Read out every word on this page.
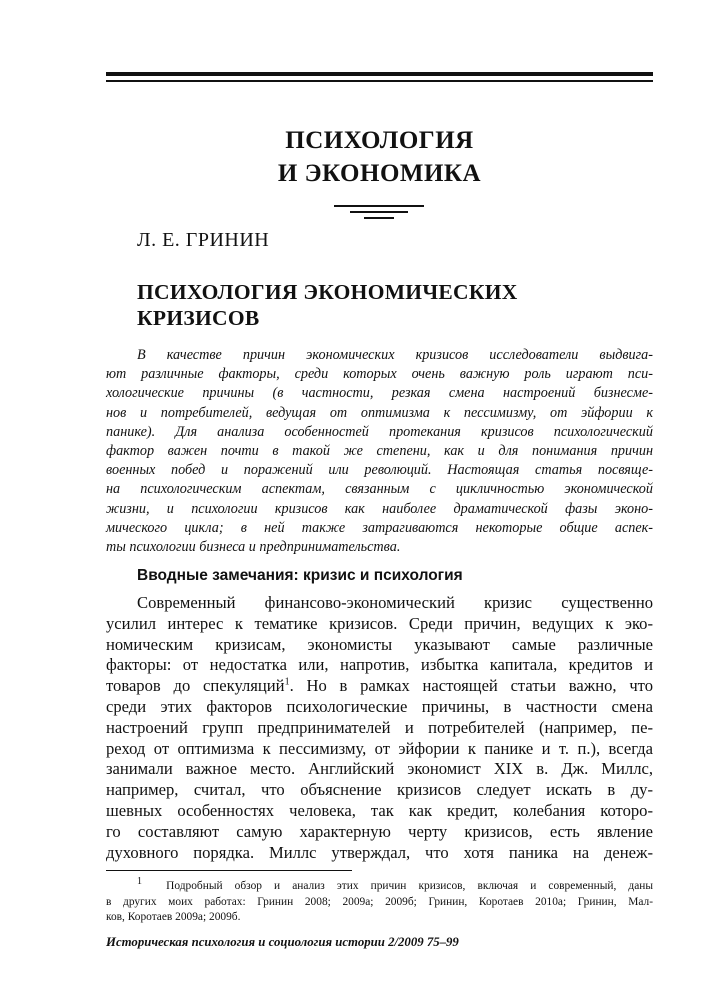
ПСИХОЛОГИЯ
И ЭКОНОМИКА
Л. Е. ГРИНИН
ПСИХОЛОГИЯ ЭКОНОМИЧЕСКИХ
КРИЗИСОВ
В качестве причин экономических кризисов исследователи выдвига-
ют различные факторы, среди которых очень важную роль играют пси-
хологические причины (в частности, резкая смена настроений бизнесме-
нов и потребителей, ведущая от оптимизма к пессимизму, от эйфории к
панике). Для анализа особенностей протекания кризисов психологический
фактор важен почти в такой же степени, как и для понимания причин
военных побед и поражений или революций. Настоящая статья посвяще-
на психологическим аспектам, связанным с цикличностью экономической
жизни, и психологии кризисов как наиболее драматической фазы эконо-
мического цикла; в ней также затрагиваются некоторые общие аспек-
ты психологии бизнеса и предпринимательства.
Вводные замечания: кризис и психология
Современный финансово-экономический кризис существенно
усилил интерес к тематике кризисов. Среди причин, ведущих к эко-
номическим кризисам, экономисты указывают самые различные
факторы: от недостатка или, напротив, избытка капитала, кредитов и
товаров до спекуляций$^1$. Но в рамках настоящей статьи важно, что
среди этих факторов психологические причины, в частности смена
настроений групп предпринимателей и потребителей (например, пе-
реход от оптимизма к пессимизму, от эйфории к панике и т. п.), всегда
занимали важное место. Английский экономист XIX в. Дж. Миллс,
например, считал, что объяснение кризисов следует искать в ду-
шевных особенностях человека, так как кредит, колебания которо-
го составляют самую характерную черту кризисов, есть явление
духовного порядка. Миллс утверждал, что хотя паника на денеж-
$^1$ Подробный обзор и анализ этих причин кризисов, включая и современный, даны
в других моих работах: Гринин 2008; 2009а; 2009б; Гринин, Коротаев 2010а; Гринин, Мал-
ков, Коротаев 2009а; 2009б.
Историческая психология и социология истории 2/2009 75–99
